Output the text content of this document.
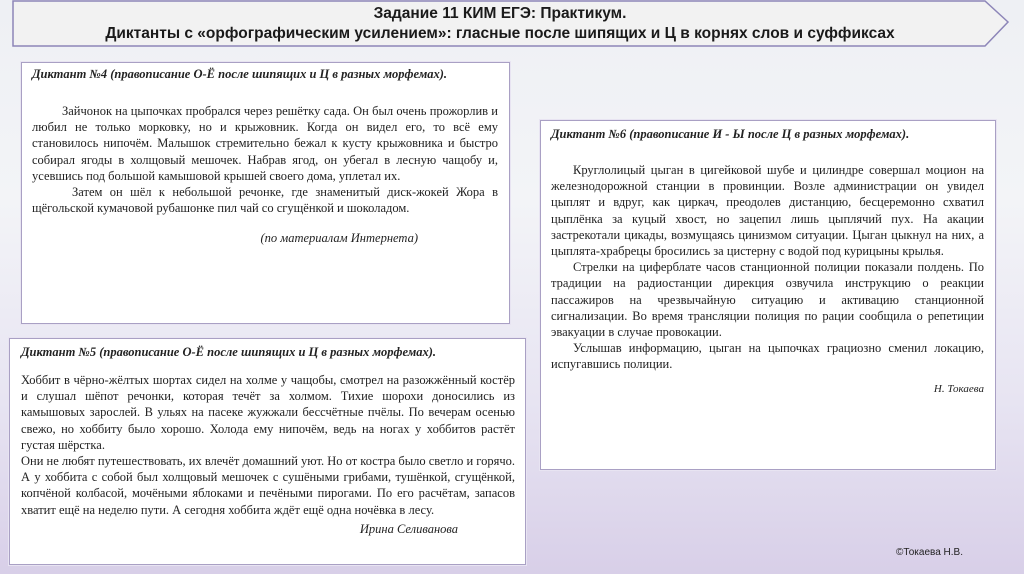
Задание 11 КИМ ЕГЭ: Практикум.
Диктанты с «орфографическим усилением»: гласные после шипящих и Ц в корнях слов и суффиксах

Диктант №4 (правописание О-Ё после шипящих и Ц в разных морфемах).

Зайчонок на цыпочках пробрался через решётку сада. Он был очень прожорлив и любил не только морковку, но и крыжовник. Когда он видел его, то всё ему становилось нипочём. Малышок стремительно бежал к кусту крыжовника и быстро собирал ягоды в холщовый мешочек. Набрав ягод, он убегал в лесную чащобу и, усевшись под большой камышовой крышей своего дома, уплетал их.

Затем он шёл к небольшой речонке, где знаменитый диск-жокей Жора в щёгольской кумачовой рубашонке пил чай со сгущёнкой и шоколадом.

(по материалам Интернета)

Диктант №5 (правописание О-Ё после шипящих и Ц в разных морфемах).

Хоббит в чёрно-жёлтых шортах сидел на холме у чащобы, смотрел на разожжённый костёр и слушал шёпот речонки, которая течёт за холмом. Тихие шорохи доносились из камышовых зарослей. В ульях на пасеке жужжали бессчётные пчёлы. По вечерам осенью свежо, но хоббиту было хорошо. Холода ему нипочём, ведь на ногах у хоббитов растёт густая шёрстка.

Они не любят путешествовать, их влечёт домашний уют. Но от костра было светло и горячо. А у хоббита с собой был холщовый мешочек с сушёными грибами, тушёнкой, сгущёнкой, копчёной колбасой, мочёными яблоками и печёными пирогами. По его расчётам, запасов хватит ещё на неделю пути. А сегодня хоббита ждёт ещё одна ночёвка в лесу.

Ирина Селиванова

Диктант №6 (правописание И - Ы после Ц в разных морфемах).

Круглолицый цыган в цигейковой шубе и цилиндре совершал моцион на железнодорожной станции в провинции. Возле администрации он увидел цыплят и вдруг, как циркач, преодолев дистанцию, бесцеремонно схватил цыплёнка за куцый хвост, но зацепил лишь цыплячий пух. На акации застрекотали цикады, возмущаясь цинизмом ситуации. Цыган цыкнул на них, а цыплята-храбрецы бросились за цистерну с водой под курицыны крылья.

Стрелки на циферблате часов станционной полиции показали полдень. По традиции на радиостанции дирекция озвучила инструкцию о реакции пассажиров на чрезвычайную ситуацию и активацию станционной сигнализации. Во время трансляции полиция по рации сообщила о репетиции эвакуации в случае провокации.

Услышав информацию, цыган на цыпочках грациозно сменил локацию, испугавшись полиции.

Н. Токаева

©Токаева Н.В.
